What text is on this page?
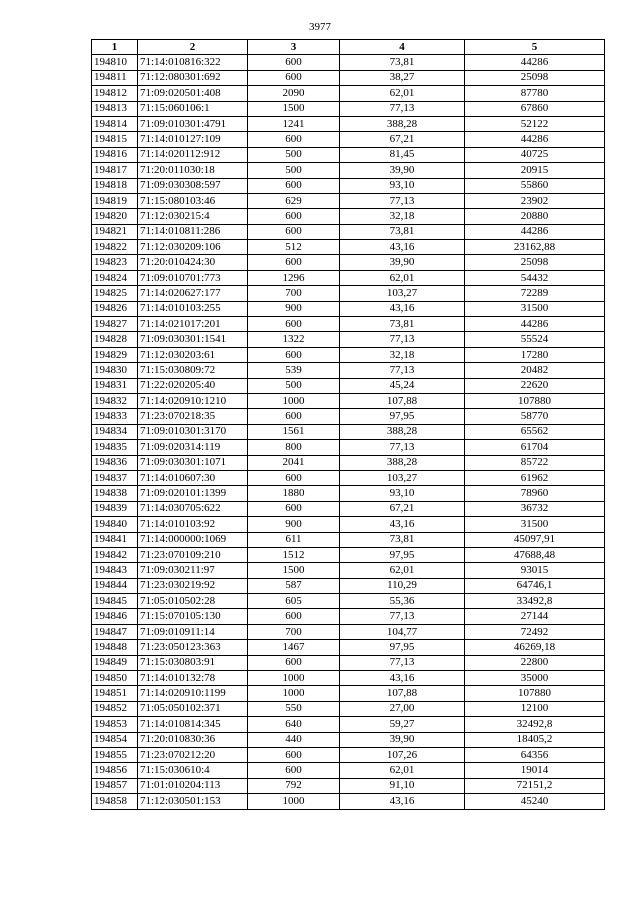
3977
1	2	3	4	5
194810	71:14:010816:322	600	73,81	44286
194811	71:12:080301:692	600	38,27	25098
194812	71:09:020501:408	2090	62,01	87780
194813	71:15:060106:1	1500	77,13	67860
194814	71:09:010301:4791	1241	388,28	52122
194815	71:14:010127:109	600	67,21	44286
194816	71:14:020112:912	500	81,45	40725
194817	71:20:011030:18	500	39,90	20915
194818	71:09:030308:597	600	93,10	55860
194819	71:15:080103:46	629	77,13	23902
194820	71:12:030215:4	600	32,18	20880
194821	71:14:010811:286	600	73,81	44286
194822	71:12:030209:106	512	43,16	23162,88
194823	71:20:010424:30	600	39,90	25098
194824	71:09:010701:773	1296	62,01	54432
194825	71:14:020627:177	700	103,27	72289
194826	71:14:010103:255	900	43,16	31500
194827	71:14:021017:201	600	73,81	44286
194828	71:09:030301:1541	1322	77,13	55524
194829	71:12:030203:61	600	32,18	17280
194830	71:15:030809:72	539	77,13	20482
194831	71:22:020205:40	500	45,24	22620
194832	71:14:020910:1210	1000	107,88	107880
194833	71:23:070218:35	600	97,95	58770
194834	71:09:010301:3170	1561	388,28	65562
194835	71:09:020314:119	800	77,13	61704
194836	71:09:030301:1071	2041	388,28	85722
194837	71:14:010607:30	600	103,27	61962
194838	71:09:020101:1399	1880	93,10	78960
194839	71:14:030705:622	600	67,21	36732
194840	71:14:010103:92	900	43,16	31500
194841	71:14:000000:1069	611	73,81	45097,91
194842	71:23:070109:210	1512	97,95	47688,48
194843	71:09:030211:97	1500	62,01	93015
194844	71:23:030219:92	587	110,29	64746,1
194845	71:05:010502:28	605	55,36	33492,8
194846	71:15:070105:130	600	77,13	27144
194847	71:09:010911:14	700	104,77	72492
194848	71:23:050123:363	1467	97,95	46269,18
194849	71:15:030803:91	600	77,13	22800
194850	71:14:010132:78	1000	43,16	35000
194851	71:14:020910:1199	1000	107,88	107880
194852	71:05:050102:371	550	27,00	12100
194853	71:14:010814:345	640	59,27	32492,8
194854	71:20:010830:36	440	39,90	18405,2
194855	71:23:070212:20	600	107,26	64356
194856	71:15:030610:4	600	62,01	19014
194857	71:01:010204:113	792	91,10	72151,2
194858	71:12:030501:153	1000	43,16	45240
